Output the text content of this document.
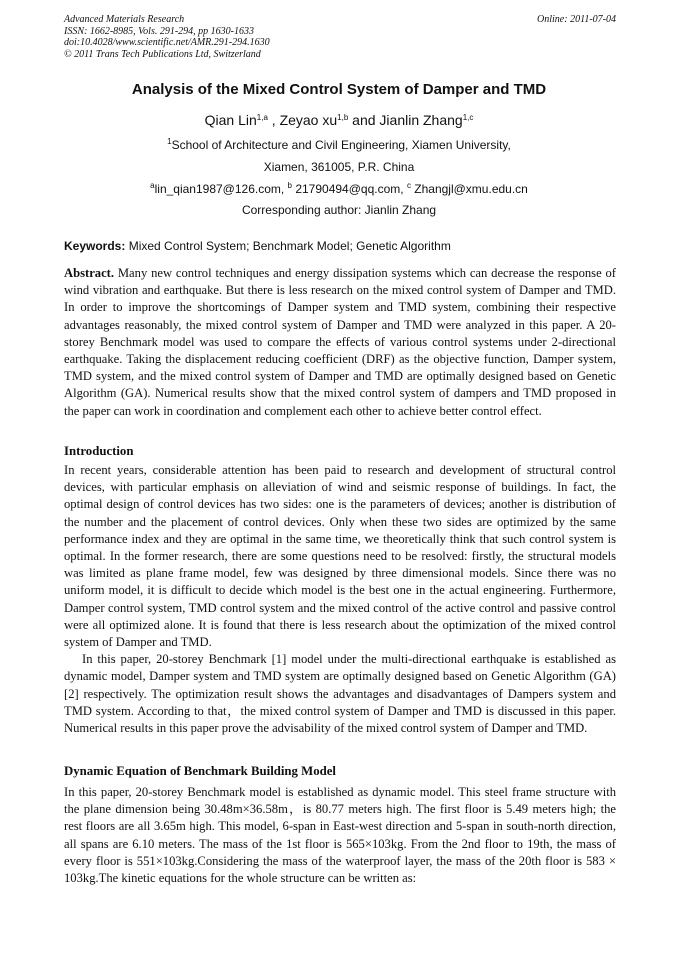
Advanced Materials Research
ISSN: 1662-8985, Vols. 291-294, pp 1630-1633
doi:10.4028/www.scientific.net/AMR.291-294.1630
© 2011 Trans Tech Publications Ltd, Switzerland
Online: 2011-07-04
Analysis of the Mixed Control System of Damper and TMD
Qian Lin$^{1,a}$ , Zeyao xu$^{1,b}$ and Jianlin Zhang$^{1,c}$
$^1$School of Architecture and Civil Engineering, Xiamen University,
Xiamen, 361005, P.R. China
$^a$lin_qian1987@126.com, $^b$ 21790494@qq.com, $^c$ Zhangjl@xmu.edu.cn
Corresponding author: Jianlin Zhang
Keywords: Mixed Control System; Benchmark Model; Genetic Algorithm

Abstract. Many new control techniques and energy dissipation systems which can decrease the response of wind vibration and earthquake. But there is less research on the mixed control system of Damper and TMD. In order to improve the shortcomings of Damper system and TMD system, combining their respective advantages reasonably, the mixed control system of Damper and TMD were analyzed in this paper. A 20-storey Benchmark model was used to compare the effects of various control systems under 2-directional earthquake. Taking the displacement reducing coefficient (DRF) as the objective function, Damper system, TMD system, and the mixed control system of Damper and TMD are optimally designed based on Genetic Algorithm (GA). Numerical results show that the mixed control system of dampers and TMD proposed in the paper can work in coordination and complement each other to achieve better control effect.

Introduction

In recent years, considerable attention has been paid to research and development of structural control devices, with particular emphasis on alleviation of wind and seismic response of buildings. In fact, the optimal design of control devices has two sides: one is the parameters of devices; another is distribution of the number and the placement of control devices. Only when these two sides are optimized by the same performance index and they are optimal in the same time, we theoretically think that such control system is optimal. In the former research, there are some questions need to be resolved: firstly, the structural models was limited as plane frame model, few was designed by three dimensional models. Since there was no uniform model, it is difficult to decide which model is the best one in the actual engineering. Furthermore, Damper control system, TMD control system and the mixed control of the active control and passive control were all optimized alone. It is found that there is less research about the optimization of the mixed control system of Damper and TMD.

In this paper, 20-storey Benchmark [1] model under the multi-directional earthquake is established as dynamic model, Damper system and TMD system are optimally designed based on Genetic Algorithm (GA) [2] respectively. The optimization result shows the advantages and disadvantages of Dampers system and TMD system. According to that，the mixed control system of Damper and TMD is discussed in this paper. Numerical results in this paper prove the advisability of the mixed control system of Damper and TMD.

Dynamic Equation of Benchmark Building Model

In this paper, 20-storey Benchmark model is established as dynamic model. This steel frame structure with the plane dimension being 30.48m×36.58m，is 80.77 meters high. The first floor is 5.49 meters high; the rest floors are all 3.65m high. This model, 6-span in East-west direction and 5-span in south-north direction, all spans are 6.10 meters. The mass of the 1st floor is 565×103kg. From the 2nd floor to 19th, the mass of every floor is 551×103kg.Considering the mass of the waterproof layer, the mass of the 20th floor is 583 × 103kg.The kinetic equations for the whole structure can be written as:
